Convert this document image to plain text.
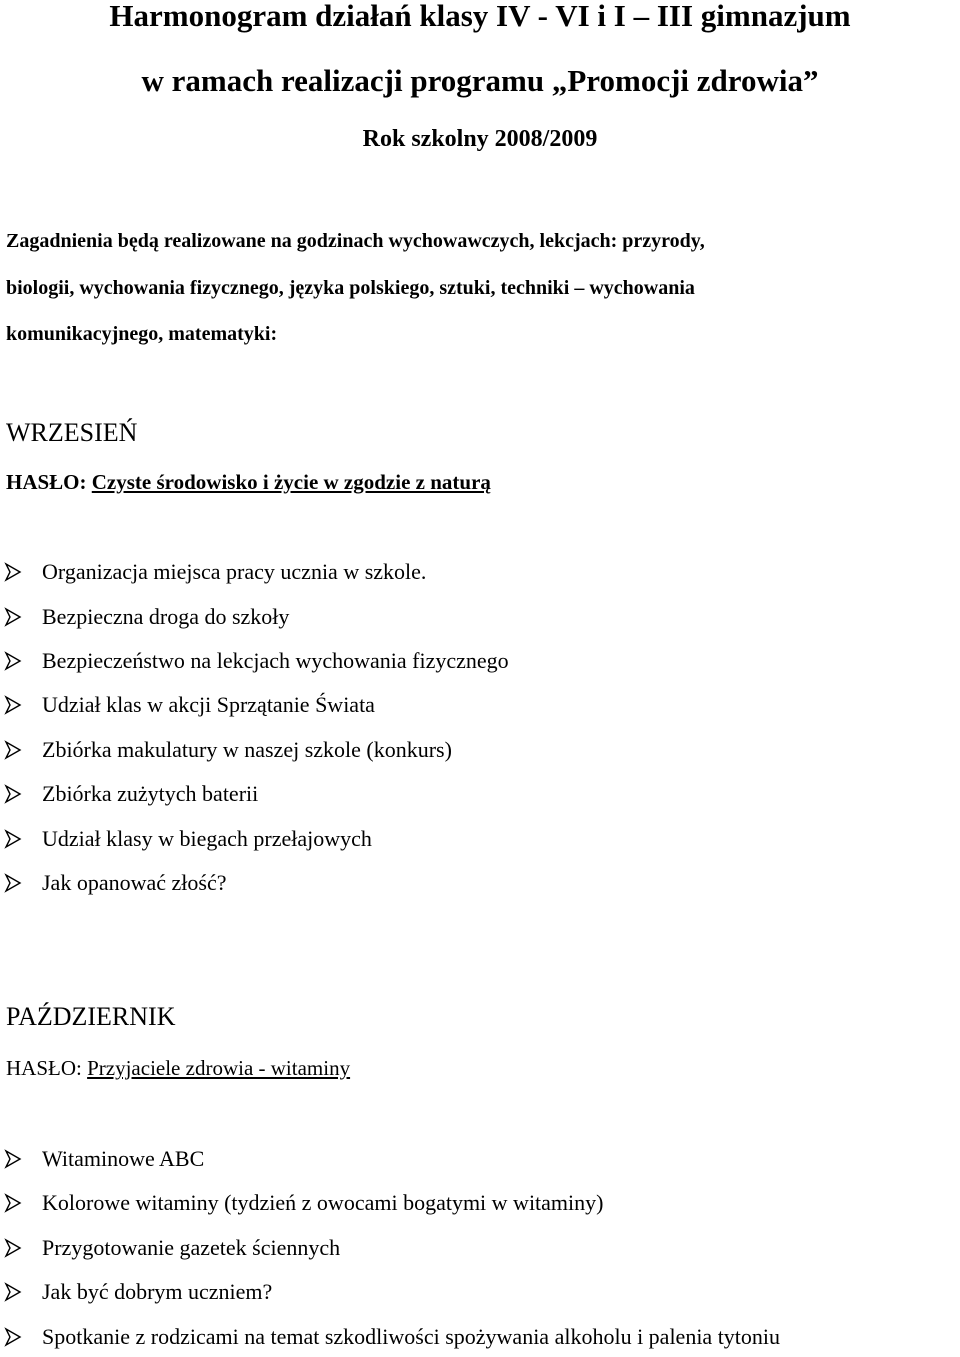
Harmonogram działań klasy IV - VI i I – III gimnazjum
w ramach realizacji programu „Promocji zdrowia”
Rok szkolny 2008/2009
Zagadnienia będą realizowane na godzinach wychowawczych, lekcjach: przyrody,
biologii, wychowania fizycznego, języka polskiego, sztuki, techniki – wychowania
komunikacyjnego, matematyki:
WRZESIEŃ
HASŁO: Czyste środowisko i życie w zgodzie z naturą
Organizacja miejsca pracy ucznia w szkole.
Bezpieczna droga do szkoły
Bezpieczeństwo na lekcjach wychowania fizycznego
Udział klas w akcji Sprzątanie Świata
Zbiórka makulatury w naszej szkole (konkurs)
Zbiórka zużytych baterii
Udział klasy w biegach przełajowych
Jak opanować złość?
PAŹDZIERNIK
HASŁO: Przyjaciele zdrowia - witaminy
Witaminowe ABC
Kolorowe witaminy (tydzień z owocami bogatymi w witaminy)
Przygotowanie gazetek ściennych
Jak być dobrym uczniem?
Spotkanie z rodzicami na temat szkodliwości spożywania alkoholu i palenia tytoniu
